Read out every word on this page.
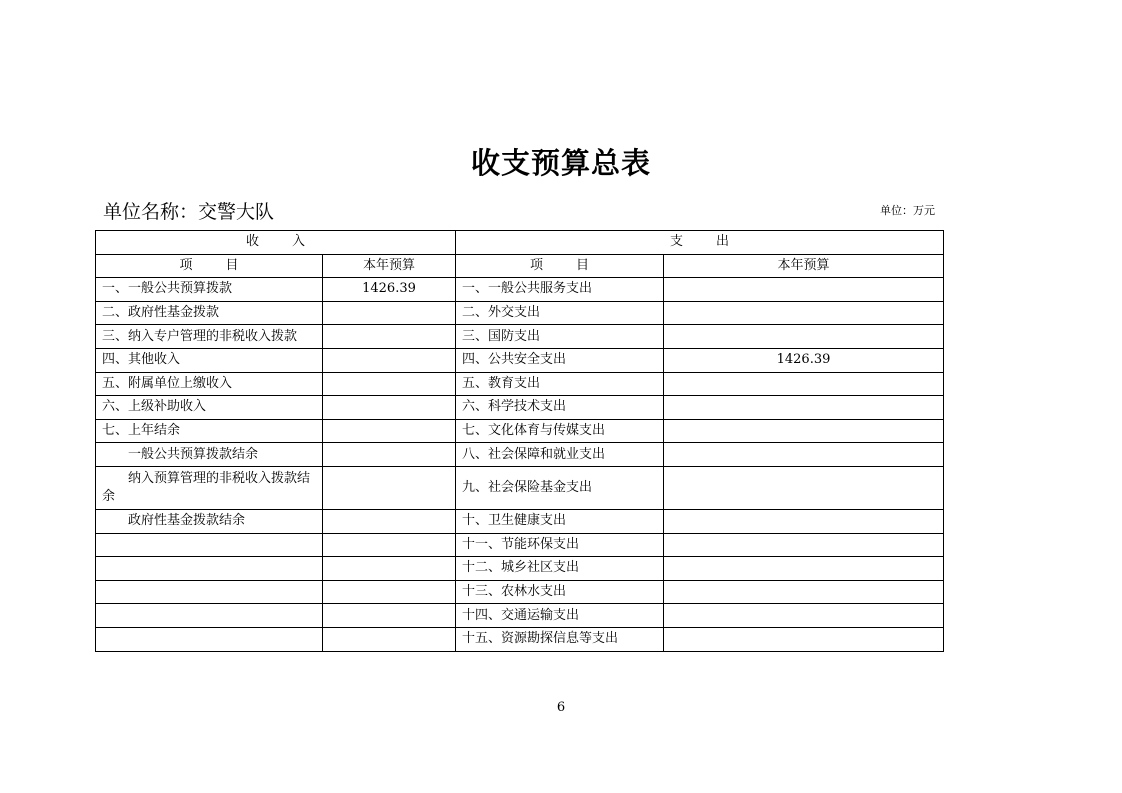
收支预算总表
单位名称：交警大队	单位：万元
收        入		支        出	
项        目	本年预算	项        目	本年预算
一、一般公共预算拨款	1426.39	一、一般公共服务支出	
二、政府性基金拨款		二、外交支出	
三、纳入专户管理的非税收入拨款		三、国防支出	
四、其他收入		四、公共安全支出	1426.39
五、附属单位上缴收入		五、教育支出	
六、上级补助收入		六、科学技术支出	
七、上年结余		七、文化体育与传媒支出	
一般公共预算拨款结余		八、社会保障和就业支出	
纳入预算管理的非税收入拨款结余		九、社会保险基金支出	
政府性基金拨款结余		十、卫生健康支出	
		十一、节能环保支出	
		十二、城乡社区支出	
		十三、农林水支出	
		十四、交通运输支出	
		十五、资源勘探信息等支出	
6
